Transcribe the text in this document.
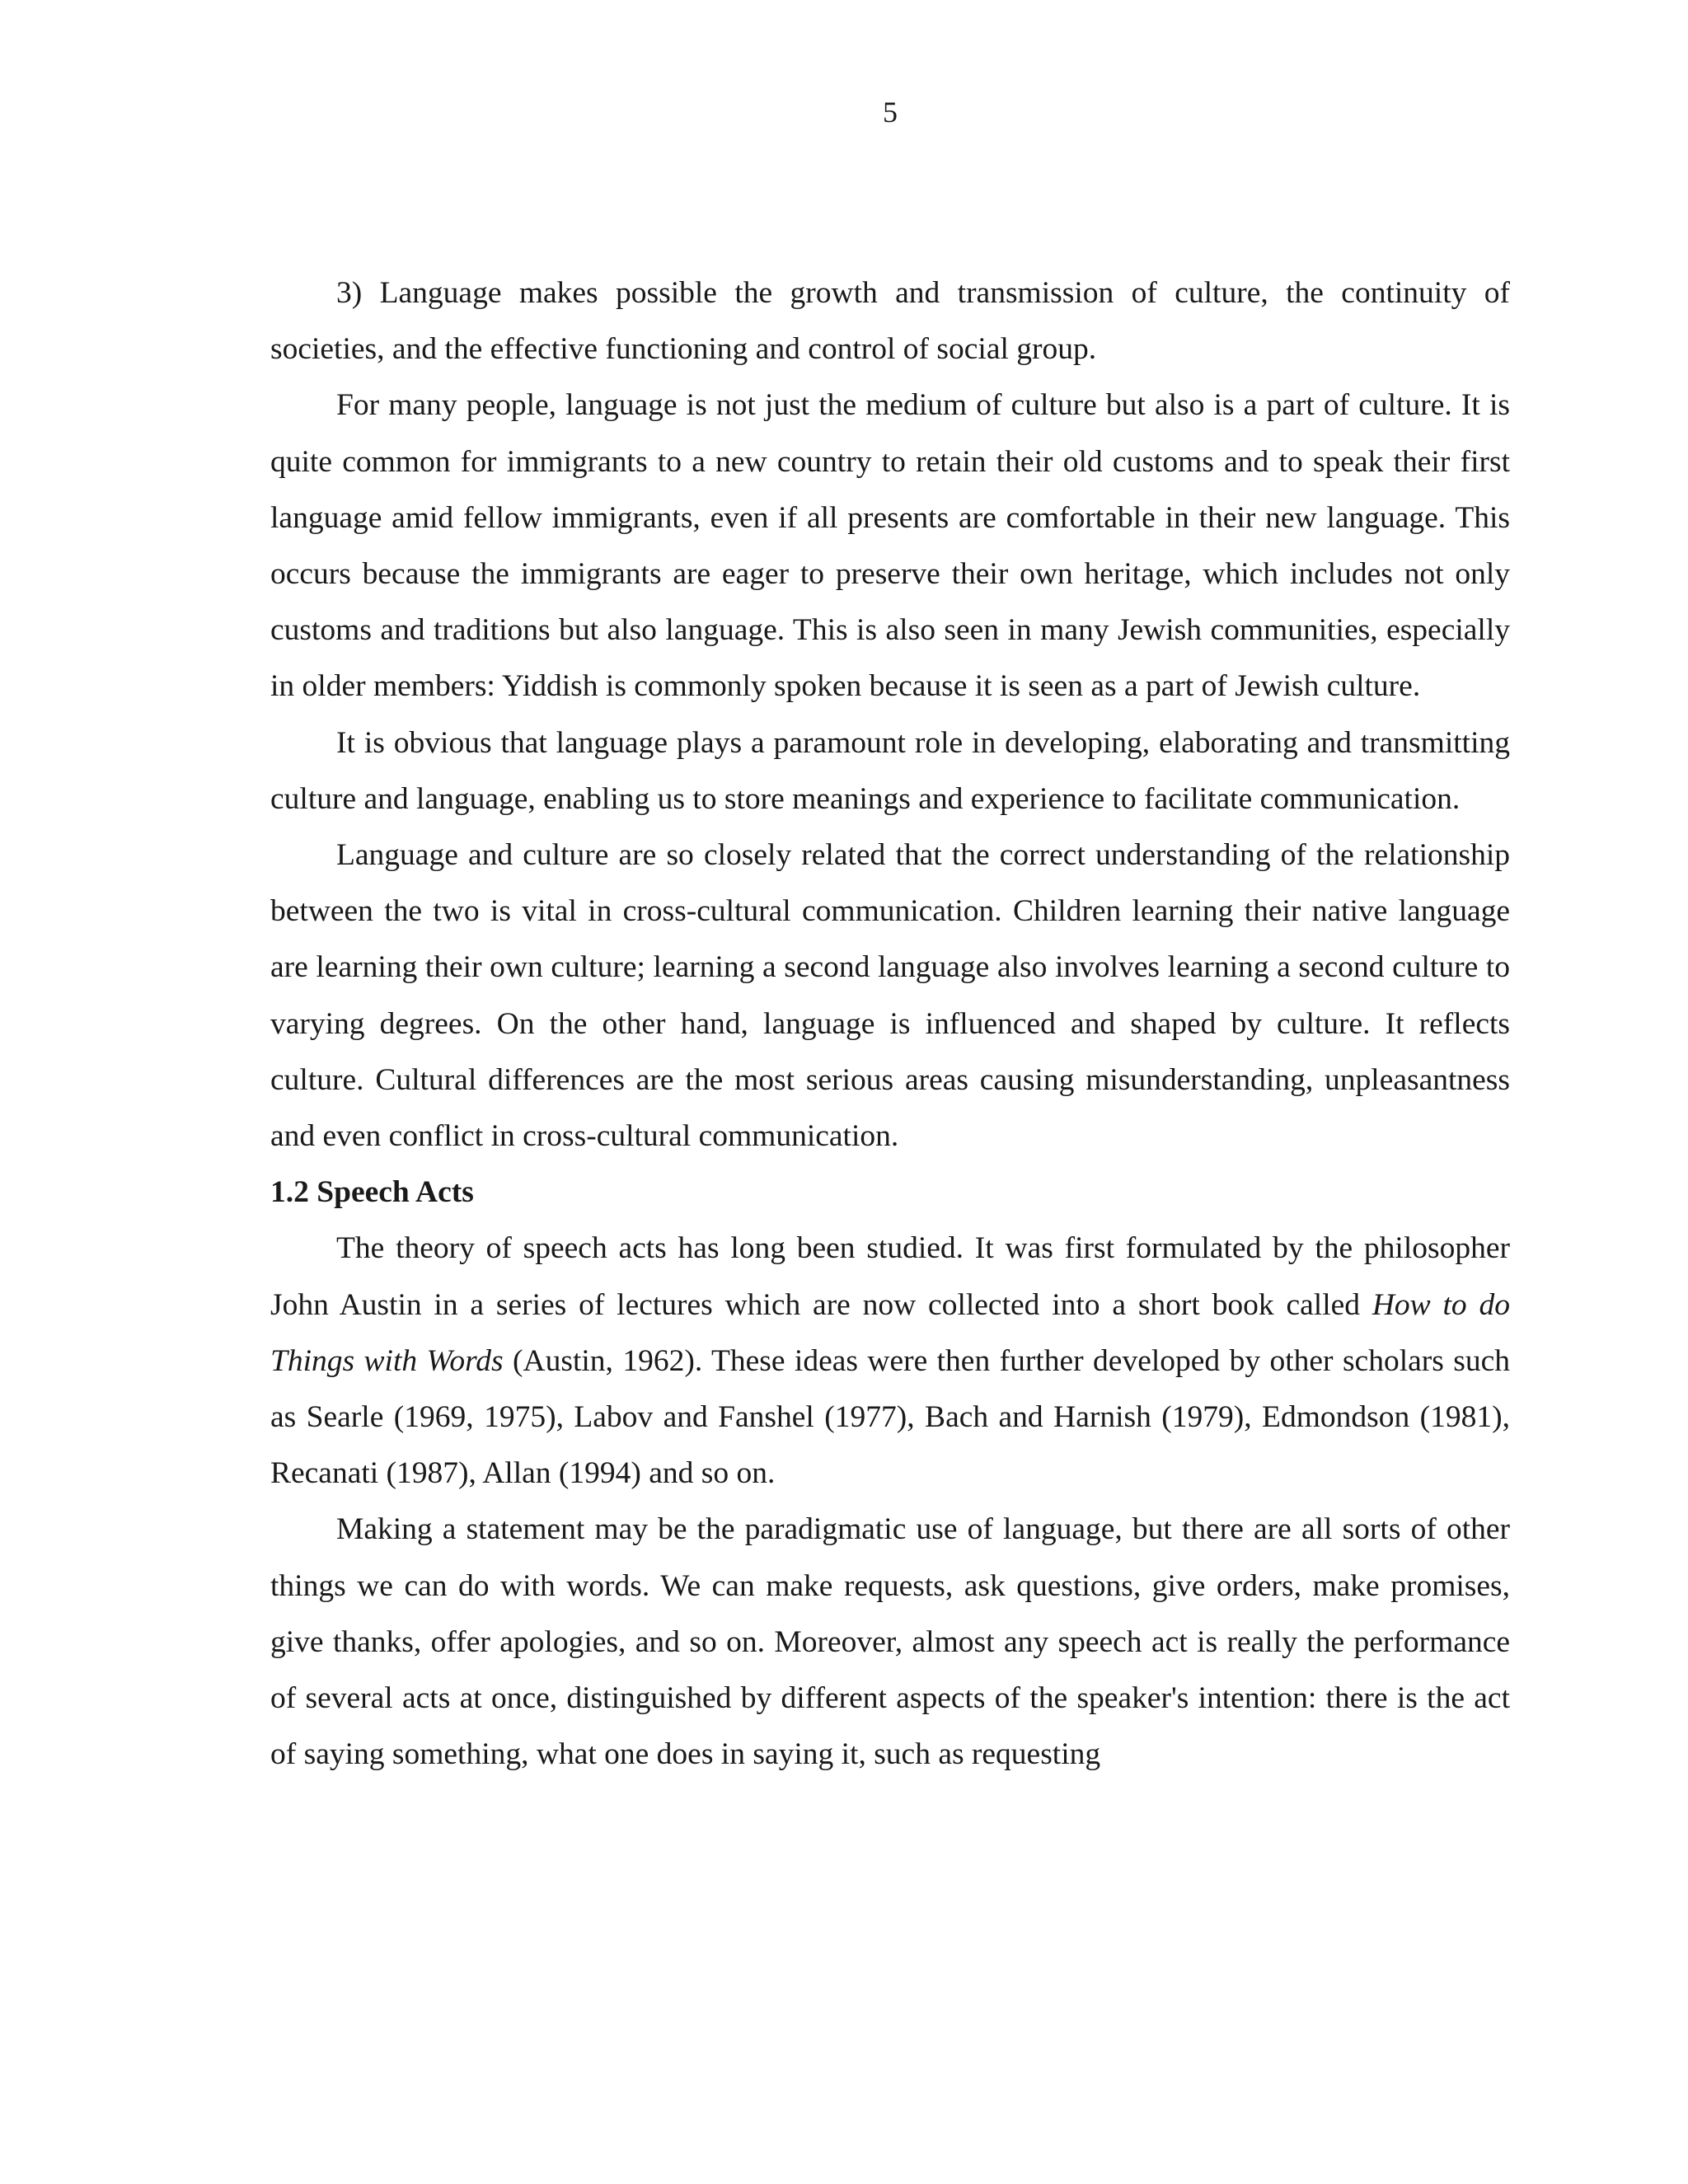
5

3) Language makes possible the growth and transmission of culture, the continuity of societies, and the effective functioning and control of social group.

For many people, language is not just the medium of culture but also is a part of culture. It is quite common for immigrants to a new country to retain their old customs and to speak their first language amid fellow immigrants, even if all presents are comfortable in their new language. This occurs because the immigrants are eager to preserve their own heritage, which includes not only customs and traditions but also language. This is also seen in many Jewish communities, especially in older members: Yiddish is commonly spoken because it is seen as a part of Jewish culture.

It is obvious that language plays a paramount role in developing, elaborating and transmitting culture and language, enabling us to store meanings and experience to facilitate communication.

Language and culture are so closely related that the correct understanding of the relationship between the two is vital in cross-cultural communication. Children learning their native language are learning their own culture; learning a second language also involves learning a second culture to varying degrees. On the other hand, language is influenced and shaped by culture. It reflects culture. Cultural differences are the most serious areas causing misunderstanding, unpleasantness and even conflict in cross-cultural communication.

1.2 Speech Acts

The theory of speech acts has long been studied. It was first formulated by the philosopher John Austin in a series of lectures which are now collected into a short book called How to do Things with Words (Austin, 1962). These ideas were then further developed by other scholars such as Searle (1969, 1975), Labov and Fanshel (1977), Bach and Harnish (1979), Edmondson (1981), Recanati (1987), Allan (1994) and so on.

Making a statement may be the paradigmatic use of language, but there are all sorts of other things we can do with words. We can make requests, ask questions, give orders, make promises, give thanks, offer apologies, and so on. Moreover, almost any speech act is really the performance of several acts at once, distinguished by different aspects of the speaker's intention: there is the act of saying something, what one does in saying it, such as requesting
